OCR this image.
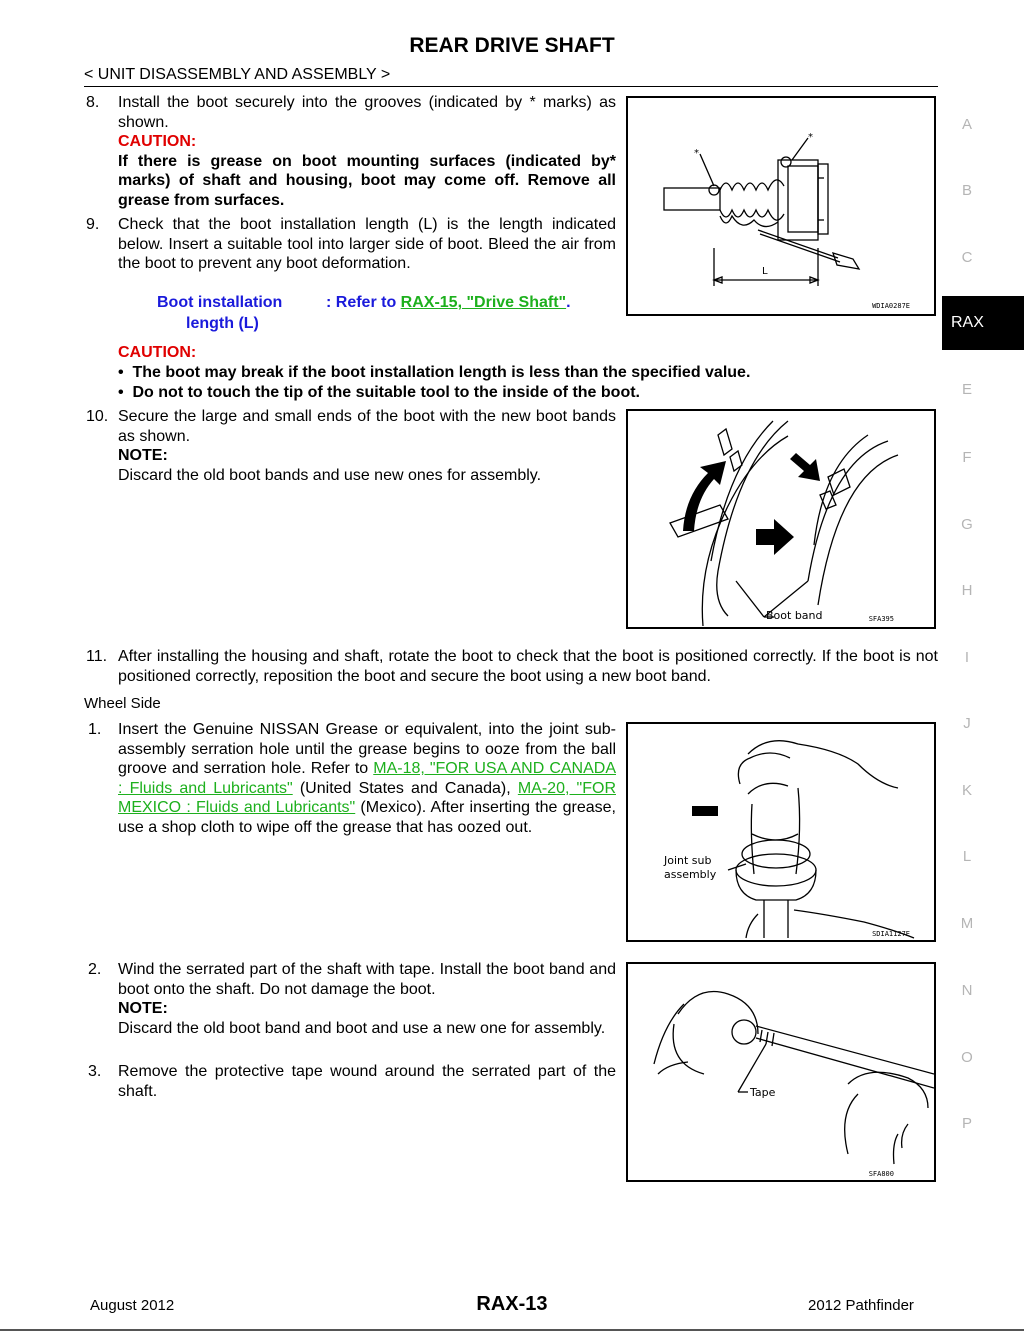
REAR DRIVE SHAFT
< UNIT DISASSEMBLY AND ASSEMBLY >
A
B
C
RAX
E
F
G
H
I
J
K
L
M
N
O
P
8. Install the boot securely into the grooves (indicated by * marks) as shown.
CAUTION:
If there is grease on boot mounting surfaces (indicated by* marks) of shaft and housing, boot may come off. Remove all grease from surfaces.
9. Check that the boot installation length (L) is the length indicated below. Insert a suitable tool into larger side of boot. Bleed the air from the boot to prevent any boot deformation.
Boot installation
length (L)
: Refer to RAX-15, "Drive Shaft".
CAUTION:
•  The boot may break if the boot installation length is less than the specified value.
•  Do not to touch the tip of the suitable tool to the inside of the boot.
10. Secure the large and small ends of the boot with the new boot bands as shown.
NOTE:
Discard the old boot bands and use new ones for assembly.
11. After installing the housing and shaft, rotate the boot to check that the boot is positioned correctly. If the boot is not positioned correctly, reposition the boot and secure the boot using a new boot band.
Wheel Side
1. Insert the Genuine NISSAN Grease or equivalent, into the joint sub-assembly serration hole until the grease begins to ooze from the ball groove and serration hole. Refer to MA-18, "FOR USA AND CANADA : Fluids and Lubricants" (United States and Canada), MA-20, "FOR MEXICO : Fluids and Lubricants" (Mexico). After inserting the grease, use a shop cloth to wipe off the grease that has oozed out.
2. Wind the serrated part of the shaft with tape. Install the boot band and boot onto the shaft. Do not damage the boot.
NOTE:
Discard the old boot band and boot and use a new one for assembly.
3. Remove the protective tape wound around the serrated part of the shaft.
*
*
L
WDIA0287E
Boot band	SFA395
Joint sub
assembly
SDIA1127E
Tape
SFA800
August 2012	RAX-13	2012 Pathfinder
